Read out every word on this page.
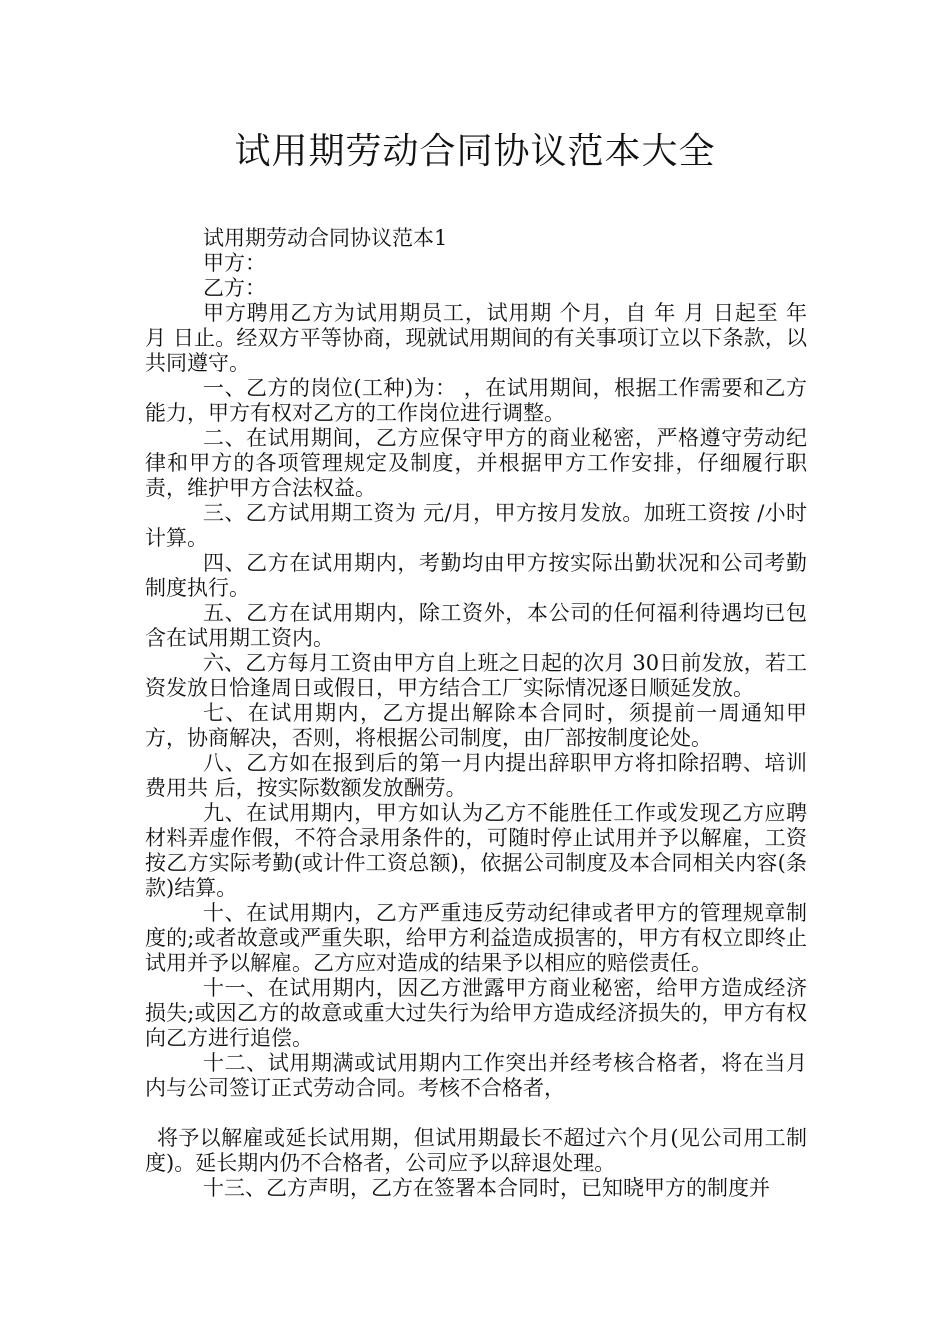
试用期劳动合同协议范本大全

试用期劳动合同协议范本1

甲方：

乙方：

甲方聘用乙方为试用期员工，试用期 个月，自 年 月 日起至 年 月 日止。经双方平等协商，现就试用期间的有关事项订立以下条款，以共同遵守。

一、乙方的岗位(工种)为： ，在试用期间，根据工作需要和乙方能力，甲方有权对乙方的工作岗位进行调整。

二、在试用期间，乙方应保守甲方的商业秘密，严格遵守劳动纪律和甲方的各项管理规定及制度，并根据甲方工作安排，仔细履行职责，维护甲方合法权益。

三、乙方试用期工资为 元/月，甲方按月发放。加班工资按 /小时计算。

四、乙方在试用期内，考勤均由甲方按实际出勤状况和公司考勤制度执行。

五、乙方在试用期内，除工资外，本公司的任何福利待遇均已包含在试用期工资内。

六、乙方每月工资由甲方自上班之日起的次月 30日前发放，若工资发放日恰逢周日或假日，甲方结合工厂实际情况逐日顺延发放。

七、在试用期内，乙方提出解除本合同时，须提前一周通知甲方，协商解决，否则，将根据公司制度，由厂部按制度论处。

八、乙方如在报到后的第一月内提出辞职甲方将扣除招聘、培训费用共 后，按实际数额发放酬劳。

九、在试用期内，甲方如认为乙方不能胜任工作或发现乙方应聘材料弄虚作假，不符合录用条件的，可随时停止试用并予以解雇，工资按乙方实际考勤(或计件工资总额)，依据公司制度及本合同相关内容(条款)结算。

十、在试用期内，乙方严重违反劳动纪律或者甲方的管理规章制度的;或者故意或严重失职，给甲方利益造成损害的，甲方有权立即终止试用并予以解雇。乙方应对造成的结果予以相应的赔偿责任。

十一、在试用期内，因乙方泄露甲方商业秘密，给甲方造成经济损失;或因乙方的故意或重大过失行为给甲方造成经济损失的，甲方有权向乙方进行追偿。

十二、试用期满或试用期内工作突出并经考核合格者，将在当月内与公司签订正式劳动合同。考核不合格者，

将予以解雇或延长试用期，但试用期最长不超过六个月(见公司用工制度)。延长期内仍不合格者，公司应予以辞退处理。

十三、乙方声明，乙方在签署本合同时，已知晓甲方的制度并
